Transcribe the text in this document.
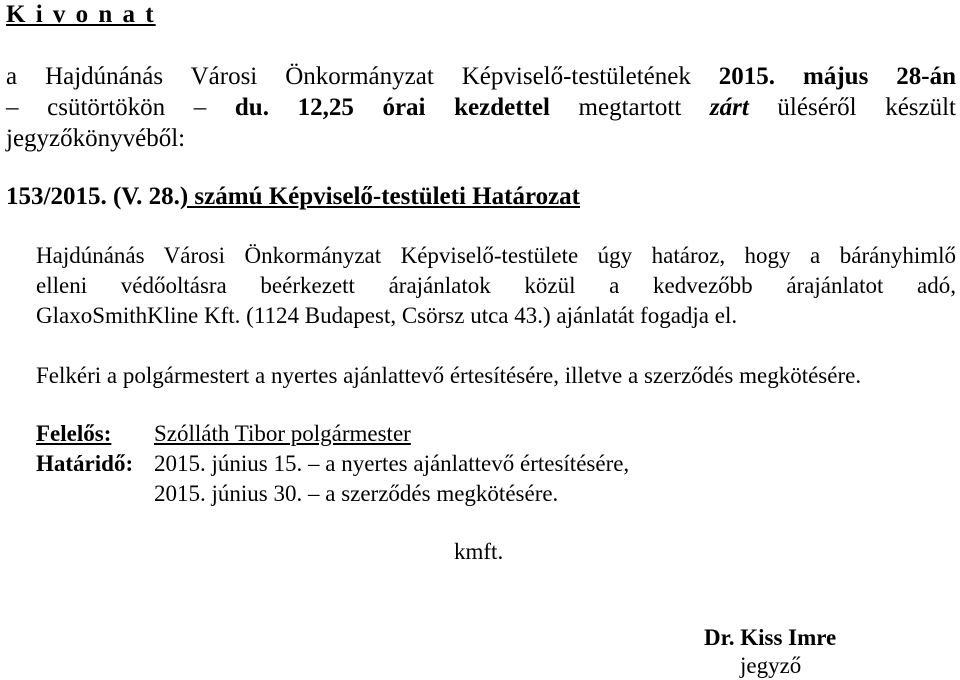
K i v o n a t
a Hajdúnánás Városi Önkormányzat Képviselő-testületének 2015. május 28-án
– csütörtökön – du. 12,25 órai kezdettel megtartott zárt üléséről készült
jegyzőkönyvéből:
153/2015. (V. 28.) számú Képviselő-testületi Határozat
Hajdúnánás Városi Önkormányzat Képviselő-testülete úgy határoz, hogy a bárányhimlő
elleni védőoltásra beérkezett árajánlatok közül a kedvezőbb árajánlatot adó,
GlaxoSmithKline Kft. (1124 Budapest, Csörsz utca 43.) ajánlatát fogadja el.
Felkéri a polgármestert a nyertes ajánlattevő értesítésére, illetve a szerződés megkötésére.
Felelős: Szólláth Tibor polgármester
Határidő: 2015. június 15. – a nyertes ajánlattevő értesítésére,
2015. június 30. – a szerződés megkötésére.
kmft.
Dr. Kiss Imre
jegyző
